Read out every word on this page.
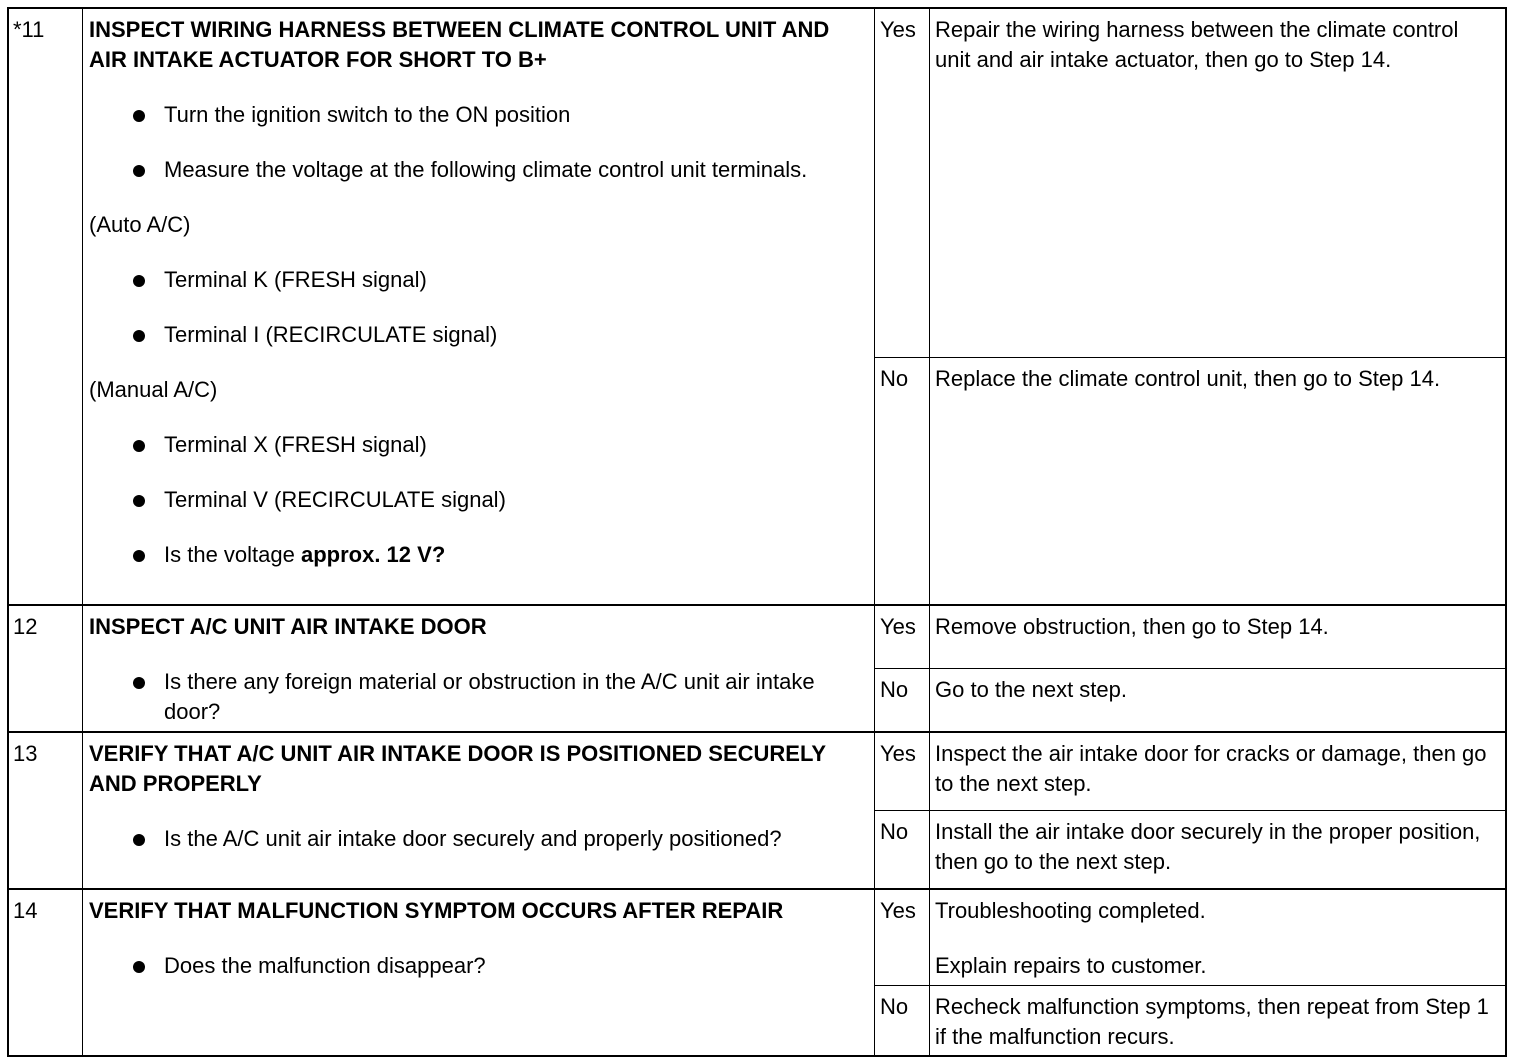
*11	INSPECT WIRING HARNESS BETWEEN CLIMATE CONTROL UNIT AND AIR INTAKE ACTUATOR FOR SHORT TO B+

Turn the ignition switch to the ON position
Measure the voltage at the following climate control unit terminals.

(Auto A/C)

Terminal K (FRESH signal)
Terminal I (RECIRCULATE signal)

(Manual A/C)

Terminal X (FRESH signal)
Terminal V (RECIRCULATE signal)
Is the voltage approx. 12 V?
Yes Repair the wiring harness between the climate control unit and air intake actuator, then go to Step 14.
No	Replace the climate control unit, then go to Step 14.
12	INSPECT A/C UNIT AIR INTAKE DOOR

Is there any foreign material or obstruction in the A/C unit air intake door?
Yes Remove obstruction, then go to Step 14.
No	Go to the next step.
13	VERIFY THAT A/C UNIT AIR INTAKE DOOR IS POSITIONED SECURELY AND PROPERLY

Is the A/C unit air intake door securely and properly positioned?
Yes Inspect the air intake door for cracks or damage, then go to the next step.
No	Install the air intake door securely in the proper position, then go to the next step.
14	VERIFY THAT MALFUNCTION SYMPTOM OCCURS AFTER REPAIR

Does the malfunction disappear?
Yes Troubleshooting completed.

Explain repairs to customer.

No	Recheck malfunction symptoms, then repeat from Step 1 if the malfunction recurs.
